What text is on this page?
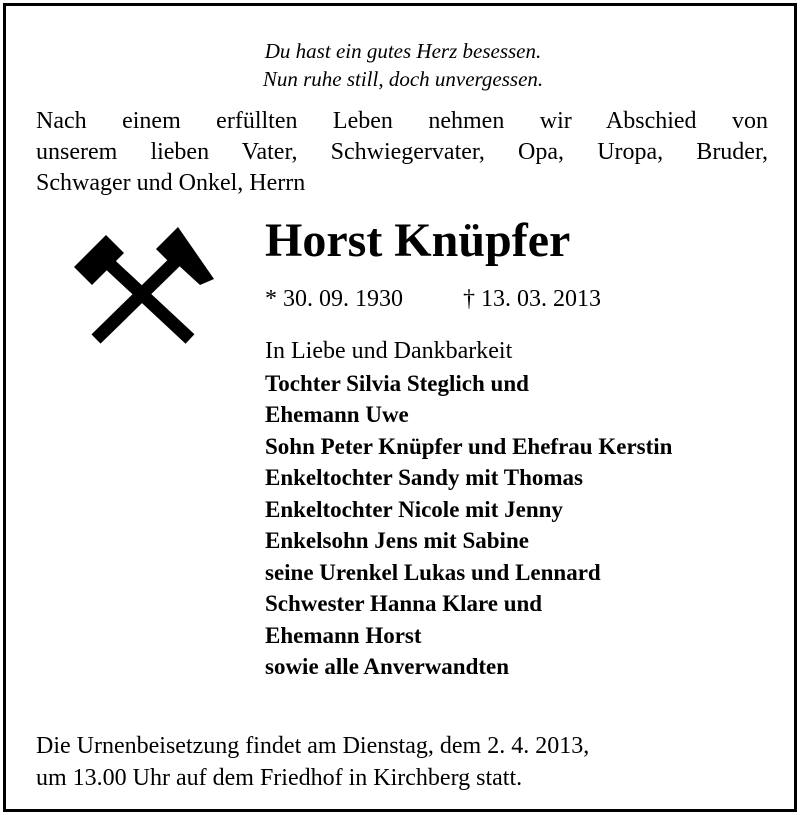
Du hast ein gutes Herz besessen.
Nun ruhe still, doch unvergessen.
Nach einem erfüllten Leben nehmen wir Abschied von
unserem lieben Vater, Schwiegervater, Opa, Uropa, Bruder,
Schwager und Onkel, Herrn
Horst Knüpfer
* 30. 09. 1930	† 13. 03. 2013
In Liebe und Dankbarkeit
Tochter Silvia Steglich und
Ehemann Uwe
Sohn Peter Knüpfer und Ehefrau Kerstin
Enkeltochter Sandy mit Thomas
Enkeltochter Nicole mit Jenny
Enkelsohn Jens mit Sabine
seine Urenkel Lukas und Lennard
Schwester Hanna Klare und
Ehemann Horst
sowie alle Anverwandten
Die Urnenbeisetzung findet am Dienstag, dem 2. 4. 2013,
um 13.00 Uhr auf dem Friedhof in Kirchberg statt.
